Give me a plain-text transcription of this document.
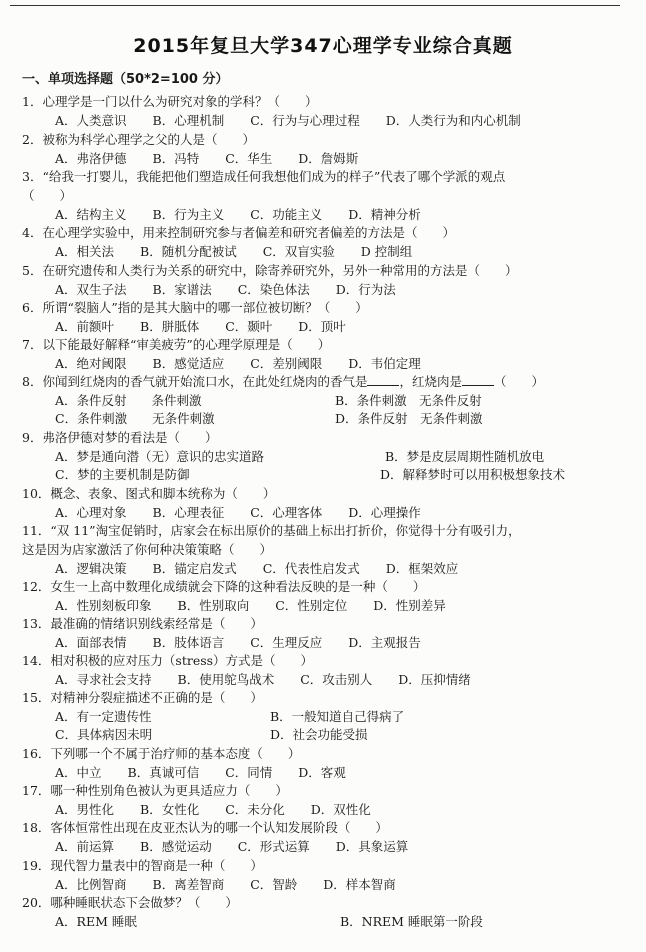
2015年复旦大学347心理学专业综合真题
一、单项选择题（50*2=100 分）
1．心理学是一门以什么为研究对象的学科？（　　）
A．人类意识 B．心理机制 C．行为与心理过程 D．人类行为和内心机制
2．被称为科学心理学之父的人是（　　）
A．弗洛伊德 B．冯特 C．华生 D．詹姆斯
3．“给我一打婴儿，我能把他们塑造成任何我想他们成为的样子”代表了哪个学派的观点
（　　）
A．结构主义 B．行为主义 C．功能主义 D．精神分析
4．在心理学实验中，用来控制研究参与者偏差和研究者偏差的方法是（　　）
A．相关法 B．随机分配被试 C．双盲实验 D 控制组
5．在研究遗传和人类行为关系的研究中，除寄养研究外，另外一种常用的方法是（　　）
A．双生子法 B．家谱法 C．染色体法 D．行为法
6．所谓“裂脑人”指的是其大脑中的哪一部位被切断？（　　）
A．前额叶 B．胼胝体 C．颞叶 D．顶叶
7．以下能最好解释“审美疲劳”的心理学原理是（　　）
A．绝对阈限 B．感觉适应 C．差别阈限 D．韦伯定理
8．你闻到红烧肉的香气就开始流口水，在此处红烧肉的香气是	，红烧肉是	（　　）
A．条件反射　　条件刺激	B．条件刺激　无条件反射
C．条件刺激　　无条件刺激	D．条件反射　无条件刺激
9．弗洛伊德对梦的看法是（　　）
A．梦是通向潜（无）意识的忠实道路	B．梦是皮层周期性随机放电
C．梦的主要机制是防御	D．解释梦时可以用积极想象技术
10．概念、表象、图式和脚本统称为（　　）
A．心理对象 B．心理表征 C．心理客体 D．心理操作
11．“双 11”淘宝促销时，店家会在标出原价的基础上标出打折价，你觉得十分有吸引力，
这是因为店家激活了你何种决策策略（　　）
A．逻辑决策 B．锚定启发式 C．代表性启发式 D．框架效应
12．女生一上高中数理化成绩就会下降的这种看法反映的是一种（　　）
A．性别刻板印象 B．性别取向 C．性别定位 D．性别差异
13．最准确的情绪识别线索经常是（　　）
A．面部表情 B．肢体语言 C．生理反应 D．主观报告
14．相对积极的应对压力（stress）方式是（　　）
A．寻求社会支持 B．使用鸵鸟战术 C．攻击别人 D．压抑情绪
15．对精神分裂症描述不正确的是（　　）
A．有一定遗传性	B．一般知道自己得病了
C．具体病因未明	D．社会功能受损
16．下列哪一个不属于治疗师的基本态度（　　）
A．中立 B．真诚可信 C．同情 D．客观
17．哪一种性别角色被认为更具适应力（　　）
A．男性化 B．女性化 C．未分化 D．双性化
18．客体恒常性出现在皮亚杰认为的哪一个认知发展阶段（　　）
A．前运算 B．感觉运动 C．形式运算 D．具象运算
19．现代智力量表中的智商是一种（　　）
A．比例智商 B．离差智商 C．智龄 D．样本智商
20．哪种睡眠状态下会做梦？（　　）
A．REM 睡眠	B．NREM 睡眠第一阶段
